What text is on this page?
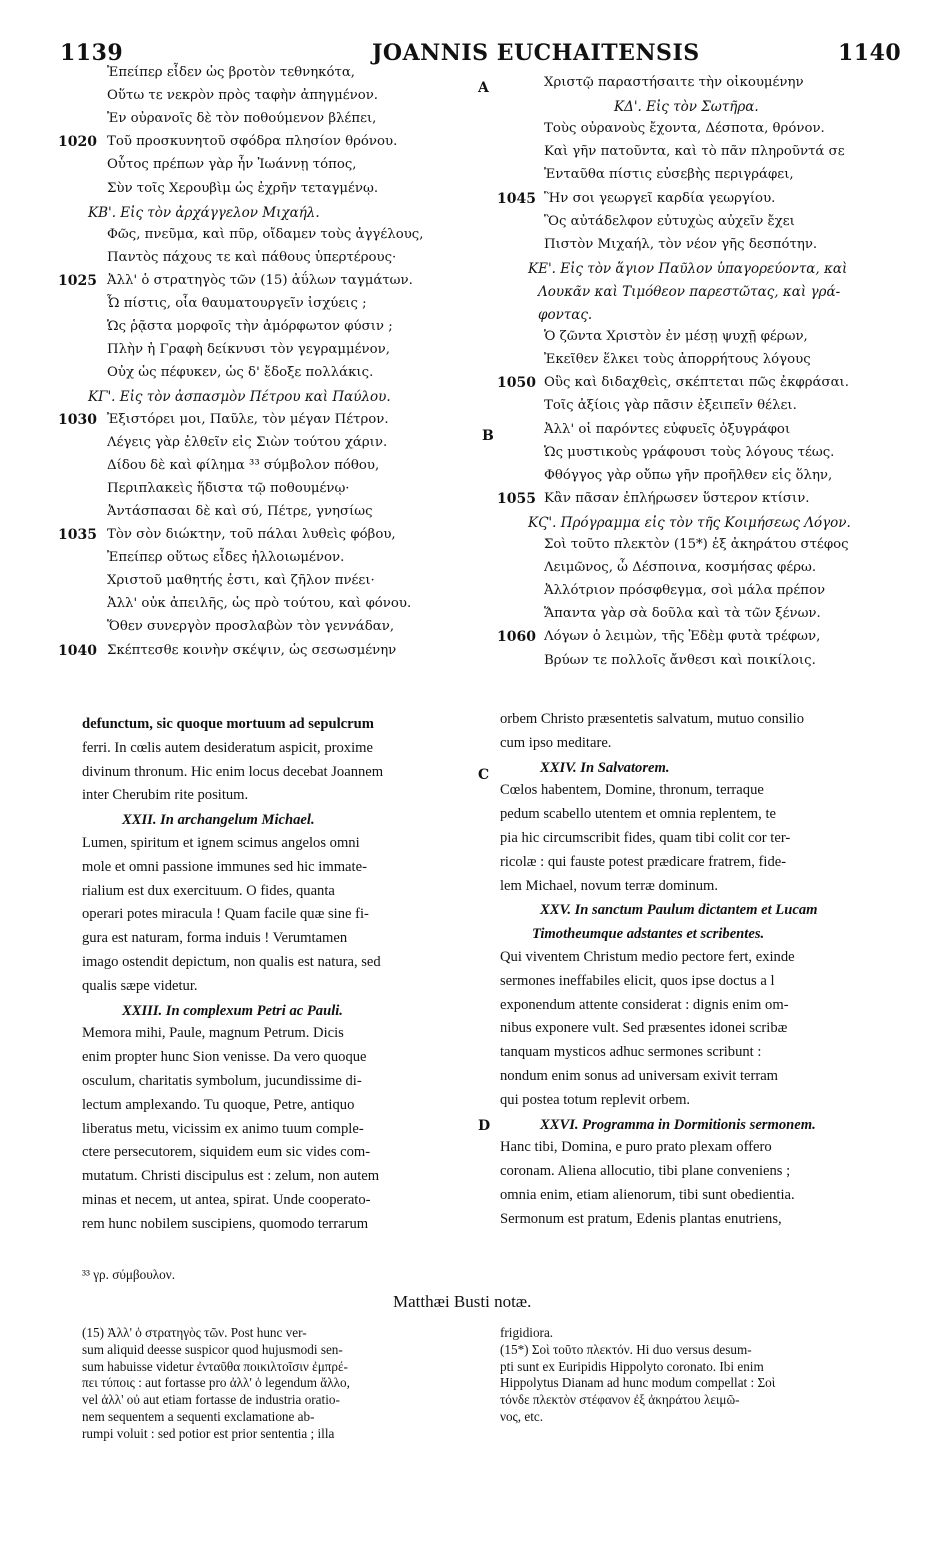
1139	JOANNIS EUCHAITENSIS	1140
A
B
C
D
Ἐπείπερ εἶδεν ὡς βροτὸν τεθνηκότα,
Οὕτω τε νεκρὸν πρὸς ταφὴν ἀπηγμένον.
Ἐν οὐρανοῖς δὲ τὸν ποθούμενον βλέπει,
1020 Τοῦ προσκυνητοῦ σφόδρα πλησίον θρόνου.
Οὗτος πρέπων γὰρ ἦν Ἰωάννῃ τόπος,
Σὺν τοῖς Χερουβὶμ ὡς ἐχρῆν τεταγμένῳ.
ΚΒ'. Εἰς τὸν ἀρχάγγελον Μιχαήλ.
Φῶς, πνεῦμα, καὶ πῦρ, οἴδαμεν τοὺς ἀγγέλους,
Παντὸς πάχους τε καὶ πάθους ὑπερτέρους·
1025 Ἀλλ' ὁ στρατηγὸς τῶν (15) ἀΰλων ταγμάτων.
Ὦ πίστις, οἷα θαυματουργεῖν ἰσχύεις ;
Ὡς ῥᾷστα μορφοῖς τὴν ἀμόρφωτον φύσιν ;
Πλὴν ἡ Γραφὴ δείκνυσι τὸν γεγραμμένον,
Οὐχ ὡς πέφυκεν, ὡς δ' ἔδοξε πολλάκις.
ΚΓ'. Εἰς τὸν ἀσπασμὸν Πέτρου καὶ Παύλου.
1030 Ἐξιστόρει μοι, Παῦλε, τὸν μέγαν Πέτρον.
Λέγεις γὰρ ἐλθεῖν εἰς Σιὼν τούτου χάριν.
Δίδου δὲ καὶ φίλημα ³³ σύμβολον πόθου,
Περιπλακεὶς ἥδιστα τῷ ποθουμένῳ·
Ἀντάσπασαι δὲ καὶ σύ, Πέτρε, γνησίως
1035 Τὸν σὸν διώκτην, τοῦ πάλαι λυθεὶς φόβου,
Ἐπείπερ οὕτως εἶδες ἠλλοιωμένον.
Χριστοῦ μαθητής ἐστι, καὶ ζῆλον πνέει·
Ἀλλ' οὐκ ἀπειλῆς, ὡς πρὸ τούτου, καὶ φόνου.
Ὅθεν συνεργὸν προσλαβὼν τὸν γεννάδαν,
1040 Σκέπτεσθε κοινὴν σκέψιν, ὡς σεσωσμένην
Χριστῷ παραστήσαιτε τὴν οἰκουμένην
ΚΔ'. Εἰς τὸν Σωτῆρα.
Τοὺς οὐρανοὺς ἔχοντα, Δέσποτα, θρόνον.
Καὶ γῆν πατοῦντα, καὶ τὸ πᾶν πληροῦντά σε
Ἐνταῦθα πίστις εὐσεβὴς περιγράφει,
1045 Ἣν σοι γεωργεῖ καρδία γεωργίου.
Ὃς αὐτάδελφον εὐτυχὼς αὐχεῖν ἔχει
Πιστὸν Μιχαήλ, τὸν νέον γῆς δεσπότην.
ΚΕ'. Εἰς τὸν ἅγιον Παῦλον ὑπαγορεύοντα, καὶ
Λουκᾶν καὶ Τιμόθεον παρεστῶτας, καὶ γρά-
φοντας.
Ὁ ζῶντα Χριστὸν ἐν μέσῃ ψυχῇ φέρων,
Ἐκεῖθεν ἕλκει τοὺς ἀπορρήτους λόγους
1050 Οὓς καὶ διδαχθεὶς, σκέπτεται πῶς ἐκφράσαι.
Τοῖς ἀξίοις γὰρ πᾶσιν ἐξειπεῖν θέλει.
Ἀλλ' οἱ παρόντες εὐφυεῖς ὀξυγράφοι
Ὡς μυστικοὺς γράφουσι τοὺς λόγους τέως.
Φθόγγος γὰρ οὔπω γῆν προῆλθεν εἰς ὅλην,
1055 Κἂν πᾶσαν ἐπλήρωσεν ὕστερον κτίσιν.
ΚϚ'. Πρόγραμμα εἰς τὸν τῆς Κοιμήσεως Λόγον.
Σοὶ τοῦτο πλεκτὸν (15*) ἐξ ἀκηράτου στέφος
Λειμῶνος, ὦ Δέσποινα, κοσμήσας φέρω.
Ἀλλότριον πρόσφθεγμα, σοὶ μάλα πρέπον
Ἅπαντα γὰρ σὰ δοῦλα καὶ τὰ τῶν ξένων.
1060 Λόγων ὁ λειμὼν, τῆς Ἐδὲμ φυτὰ τρέφων,
Βρύων τε πολλοῖς ἄνθεσι καὶ ποικίλοις.
defunctum, sic quoque mortuum ad sepulcrum
ferri. In cœlis autem desideratum aspicit, proxime
divinum thronum. Hic enim locus decebat Joannem
inter Cherubim rite positum.
XXII. In archangelum Michael.
Lumen, spiritum et ignem scimus angelos omni
mole et omni passione immunes sed hic immate-
rialium est dux exercituum. O fides, quanta
operari potes miracula ! Quam facile quæ sine fi-
gura est naturam, forma induis ! Verumtamen
imago ostendit depictum, non qualis est natura, sed
qualis sæpe videtur.
XXIII. In complexum Petri ac Pauli.
Memora mihi, Paule, magnum Petrum. Dicis
enim propter hunc Sion venisse. Da vero quoque
osculum, charitatis symbolum, jucundissime di-
lectum amplexando. Tu quoque, Petre, antiquo
liberatus metu, vicissim ex animo tuum comple-
ctere persecutorem, siquidem eum sic vides com-
mutatum. Christi discipulus est : zelum, non autem
minas et necem, ut antea, spirat. Unde cooperato-
rem hunc nobilem suscipiens, quomodo terrarum
orbem Christo præsentetis salvatum, mutuo consilio
cum ipso meditare.
XXIV. In Salvatorem.
Cœlos habentem, Domine, thronum, terraque
pedum scabello utentem et omnia replentem, te
pia hic circumscribit fides, quam tibi colit cor ter-
ricolæ : qui fauste potest prædicare fratrem, fide-
lem Michael, novum terræ dominum.
XXV. In sanctum Paulum dictantem et Lucam
Timotheumque adstantes et scribentes.
Qui viventem Christum medio pectore fert, exinde
sermones ineffabiles elicit, quos ipse doctus a l
exponendum attente considerat : dignis enim om-
nibus exponere vult. Sed præsentes idonei scribæ
tanquam mysticos adhuc sermones scribunt :
nondum enim sonus ad universam exivit terram
qui postea totum replevit orbem.
XXVI. Programma in Dormitionis sermonem.
Hanc tibi, Domina, e puro prato plexam offero
coronam. Aliena allocutio, tibi plane conveniens ;
omnia enim, etiam alienorum, tibi sunt obedientia.
Sermonum est pratum, Edenis plantas enutriens,
³³ γρ. σύμβουλον.
Matthæi Busti notæ.
(15) Ἀλλ' ὁ στρατηγὸς τῶν. Post hunc ver-
sum aliquid deesse suspicor quod hujusmodi sen-
sum habuisse videtur ἐνταῦθα ποικιλτοῖσιν ἐμπρέ-
πει τύποις : aut fortasse pro ἀλλ' ὁ legendum ἄλλο,
vel ἀλλ' οὐ aut etiam fortasse de industria oratio-
nem sequentem a sequenti exclamatione ab-
rumpi voluit : sed potior est prior sententia ; illa
frigidiora.
(15*) Σοὶ τοῦτο πλεκτόν. Hi duo versus desum-
pti sunt ex Euripidis Hippolyto coronato. Ibi enim
Hippolytus Dianam ad hunc modum compellat : Σοὶ
τόνδε πλεκτὸν στέφανον ἐξ ἀκηράτου λειμῶ-
νος, etc.
